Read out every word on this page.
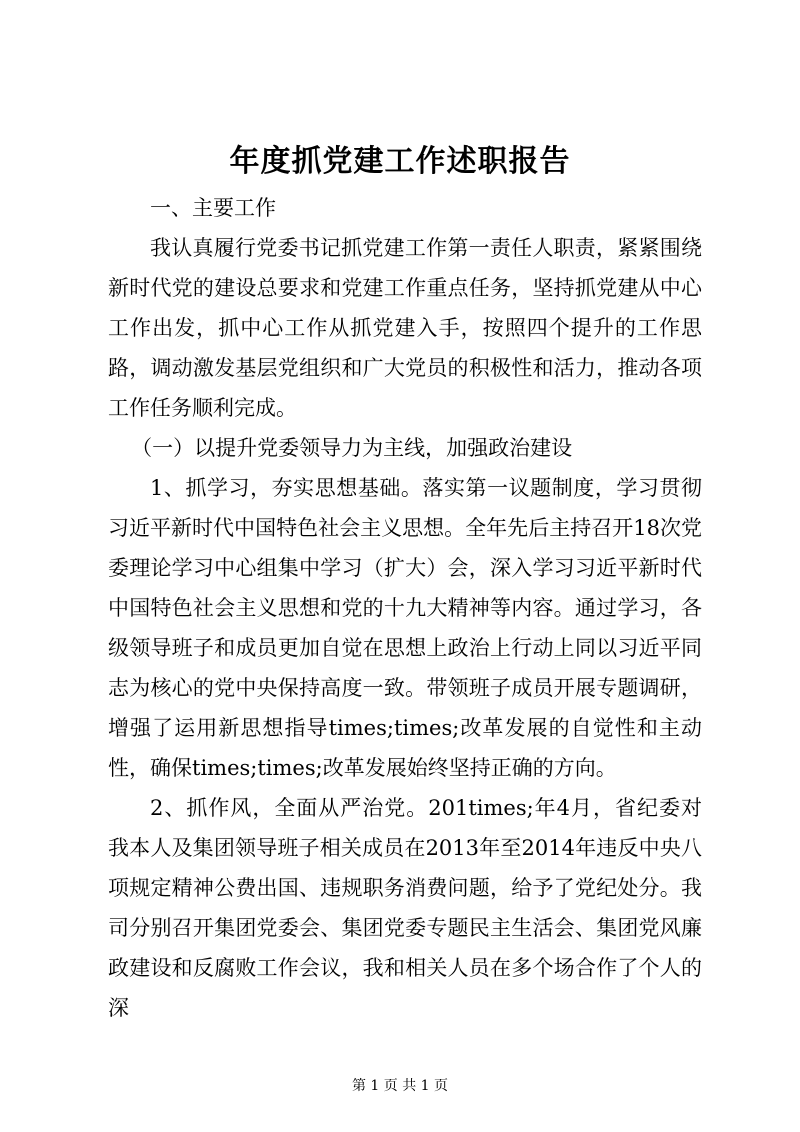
年度抓党建工作述职报告

一、主要工作

我认真履行党委书记抓党建工作第一责任人职责，紧紧围绕新时代党的建设总要求和党建工作重点任务，坚持抓党建从中心工作出发，抓中心工作从抓党建入手，按照四个提升的工作思路，调动激发基层党组织和广大党员的积极性和活力，推动各项工作任务顺利完成。

（一）以提升党委领导力为主线，加强政治建设

1、抓学习，夯实思想基础。落实第一议题制度，学习贯彻习近平新时代中国特色社会主义思想。全年先后主持召开18次党委理论学习中心组集中学习（扩大）会，深入学习习近平新时代中国特色社会主义思想和党的十九大精神等内容。通过学习，各级领导班子和成员更加自觉在思想上政治上行动上同以习近平同志为核心的党中央保持高度一致。带领班子成员开展专题调研，增强了运用新思想指导times;times;改革发展的自觉性和主动性，确保times;times;改革发展始终坚持正确的方向。

2、抓作风，全面从严治党。201times;年4月，省纪委对我本人及集团领导班子相关成员在2013年至2014年违反中央八项规定精神公费出国、违规职务消费问题，给予了党纪处分。我司分别召开集团党委会、集团党委专题民主生活会、集团党风廉政建设和反腐败工作会议，我和相关人员在多个场合作了个人的深

第 1 页 共 1 页
